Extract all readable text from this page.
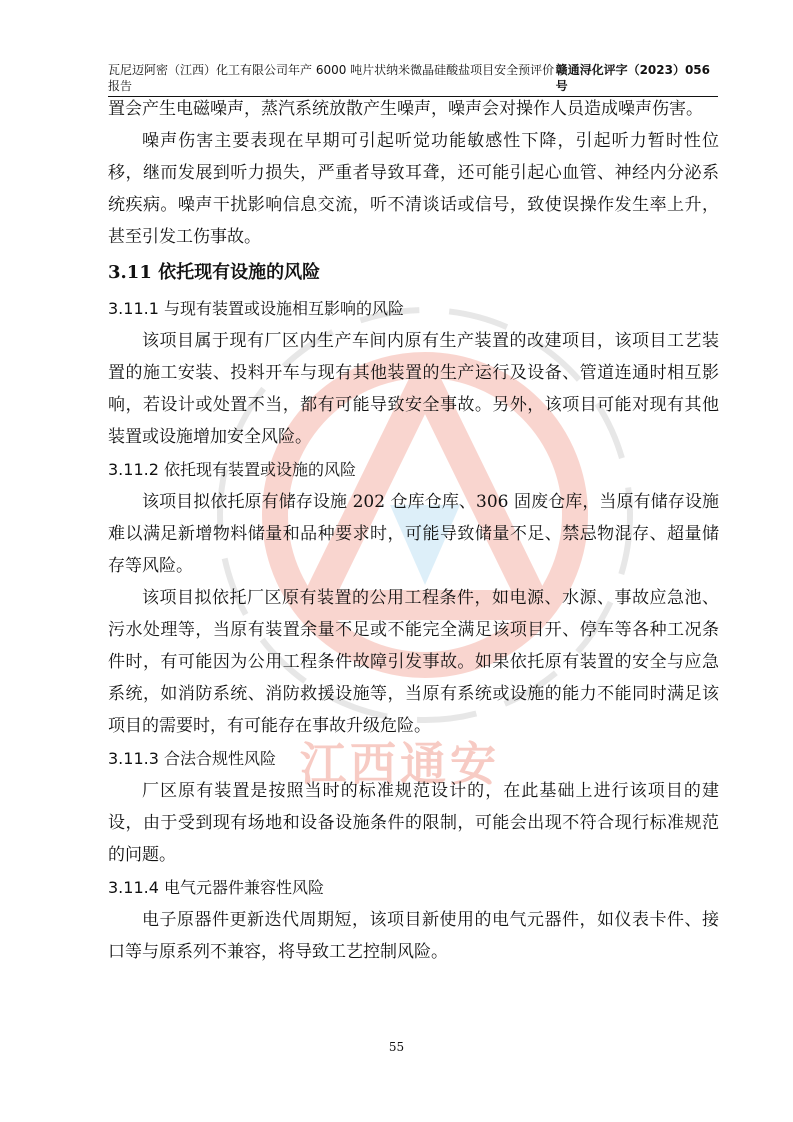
瓦尼迈阿密（江西）化工有限公司年产 6000 吨片状纳米微晶硅酸盐项目安全预评价报告
赣通浔化评字（2023）056 号
江西通安

置会产生电磁噪声，蒸汽系统放散产生噪声，噪声会对操作人员造成噪声伤害。

噪声伤害主要表现在早期可引起听觉功能敏感性下降，引起听力暂时性位移，继而发展到听力损失，严重者导致耳聋，还可能引起心血管、神经内分泌系统疾病。噪声干扰影响信息交流，听不清谈话或信号，致使误操作发生率上升，甚至引发工伤事故。

3.11 依托现有设施的风险
3.11.1 与现有装置或设施相互影响的风险

该项目属于现有厂区内生产车间内原有生产装置的改建项目，该项目工艺装置的施工安装、投料开车与现有其他装置的生产运行及设备、管道连通时相互影响，若设计或处置不当，都有可能导致安全事故。另外，该项目可能对现有其他装置或设施增加安全风险。

3.11.2 依托现有装置或设施的风险

该项目拟依托原有储存设施 202 仓库仓库、306 固废仓库，当原有储存设施难以满足新增物料储量和品种要求时，可能导致储量不足、禁忌物混存、超量储存等风险。

该项目拟依托厂区原有装置的公用工程条件，如电源、水源、事故应急池、污水处理等，当原有装置余量不足或不能完全满足该项目开、停车等各种工况条件时，有可能因为公用工程条件故障引发事故。如果依托原有装置的安全与应急系统，如消防系统、消防救援设施等，当原有系统或设施的能力不能同时满足该项目的需要时，有可能存在事故升级危险。

3.11.3 合法合规性风险

厂区原有装置是按照当时的标准规范设计的，在此基础上进行该项目的建设，由于受到现有场地和设备设施条件的限制，可能会出现不符合现行标准规范的问题。

3.11.4 电气元器件兼容性风险

电子原器件更新迭代周期短，该项目新使用的电气元器件，如仪表卡件、接口等与原系列不兼容，将导致工艺控制风险。

55
